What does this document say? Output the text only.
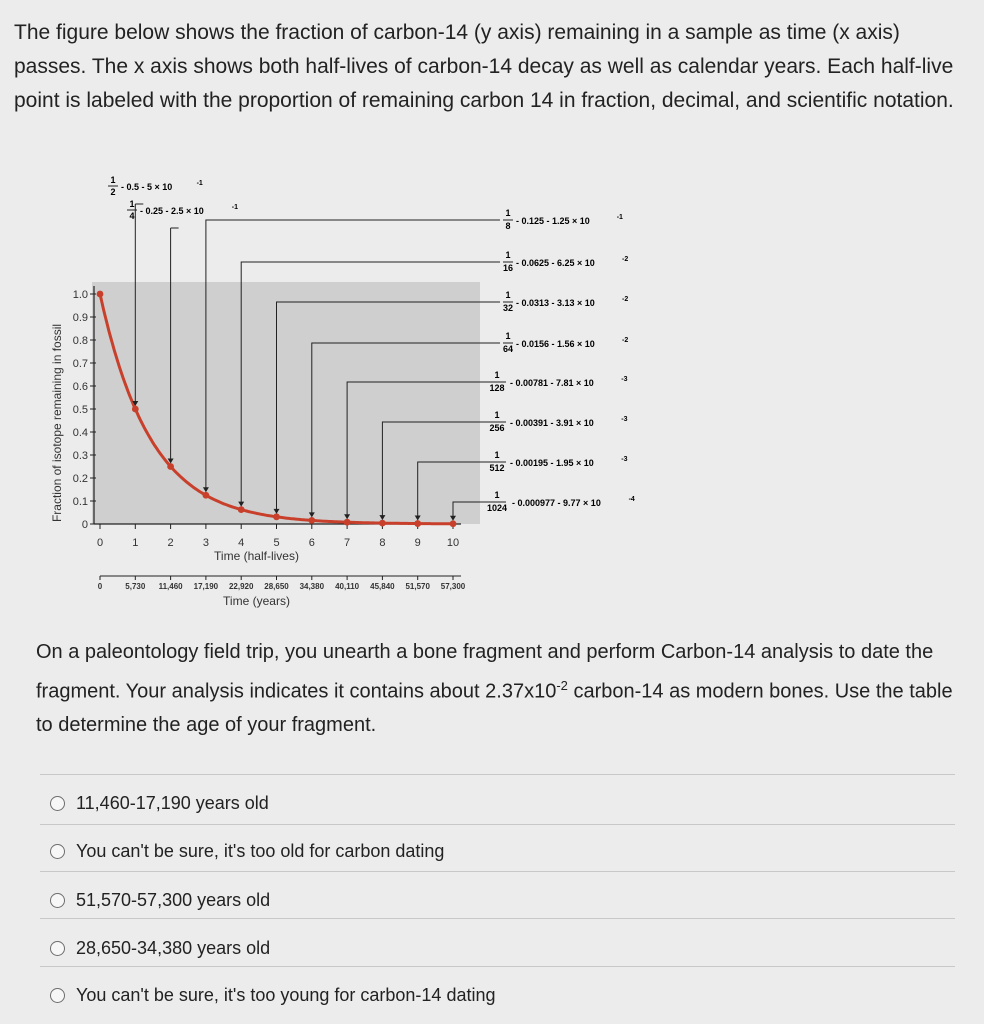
The figure below shows the fraction of carbon-14 (y axis) remaining in a sample as time (x axis) passes. The x axis shows both half-lives of carbon-14 decay as well as calendar years. Each half-live point is labeled with the proportion of remaining carbon 14 in fraction, decimal, and scientific notation.
0
0.1
0.2
0.3
0.4
0.5
0.6
0.7
0.8
0.9
1.0
Fraction of isotope remaining in fossil
0	1	2	3	4	5	6	7	8	9 10
Time (half-lives)
0	5,730 11,460 17,190 22,920 28,650 34,380 40,110 45,840 51,570 57,300
Time (years)
1
2 - 0.5 - 5 × 10	-1
1
4 - 0.25 - 2.5 × 10	-1
1
8 - 0.125 - 1.25 × 10	-1
1
16 - 0.0625 - 6.25 × 10	-2
1
32 - 0.0313 - 3.13 × 10	-2
1
64 - 0.0156 - 1.56 × 10	-2
1
128 - 0.00781 - 7.81 × 10	-3
1
256 - 0.00391 - 3.91 × 10	-3
1
512 - 0.00195 - 1.95 × 10	-3
1
1024 - 0.000977 - 9.77 × 10	-4
On a paleontology field trip, you unearth a bone fragment and perform Carbon-14 analysis to date the fragment. Your analysis indicates it contains about $2.37x10^{-2}$ carbon-14 as modern bones. Use the table to determine the age of your fragment.
11,460-17,190 years old
You can't be sure, it's too old for carbon dating
51,570-57,300 years old
28,650-34,380 years old
You can't be sure, it's too young for carbon-14 dating
